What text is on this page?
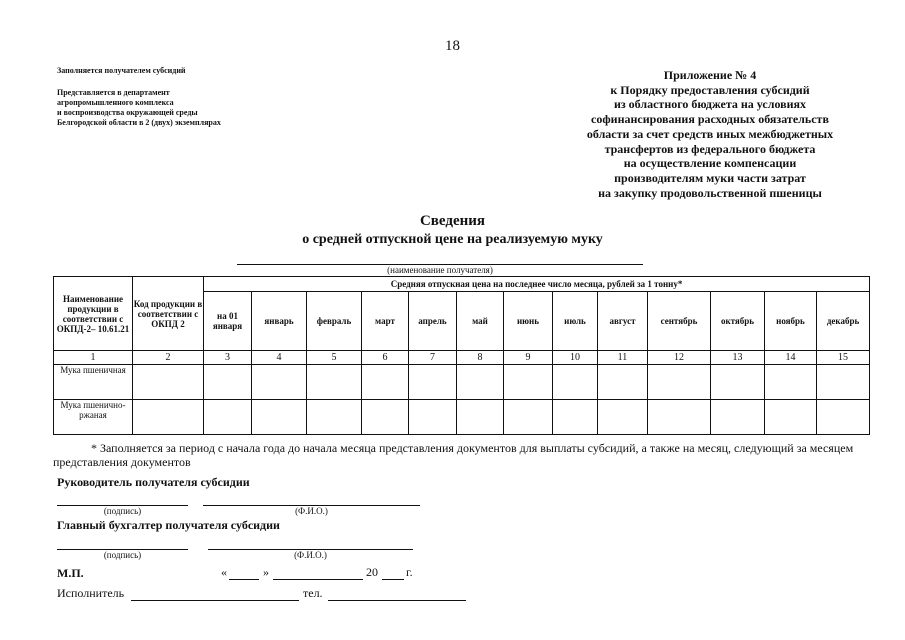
18
Заполняется получателем субсидий
Представляется в департамент
агропромышленного комплекса
и воспроизводства окружающей среды
Белгородской области в 2 (двух) экземплярах
Приложение № 4
к Порядку предоставления субсидий
из областного бюджета на условиях
софинансирования расходных обязательств
области за счет средств иных межбюджетных
трансфертов из федерального бюджета
на осуществление компенсации
производителям муки части затрат
на закупку продовольственной пшеницы
Сведения
о средней отпускной цене на реализуемую муку
(наименование получателя)
Наименование продукции в соответствии с ОКПД-2– 10.61.21	Код продукции в соответствии с ОКПД 2	Средняя отпускная цена на последнее число месяца, рублей за 1 тонну*												
		на 01 января	январь	февраль	март	апрель	май	июнь	июль	август	сентябрь	октябрь	ноябрь	декабрь
1	2	3	4	5	6	7	8	9	10	11	12	13	14	15
Мука пшеничная														
Мука пшенично-ржаная														
* Заполняется за период с начала года до начала месяца представления документов для выплаты субсидий, а также на месяц, следующий за месяцем представления документов
Руководитель получателя субсидии
(подпись)	(Ф.И.О.)
Главный бухгалтер получателя субсидии
(подпись)	(Ф.И.О.)
М.П.	«	»	20 г.
Исполнитель	тел.
